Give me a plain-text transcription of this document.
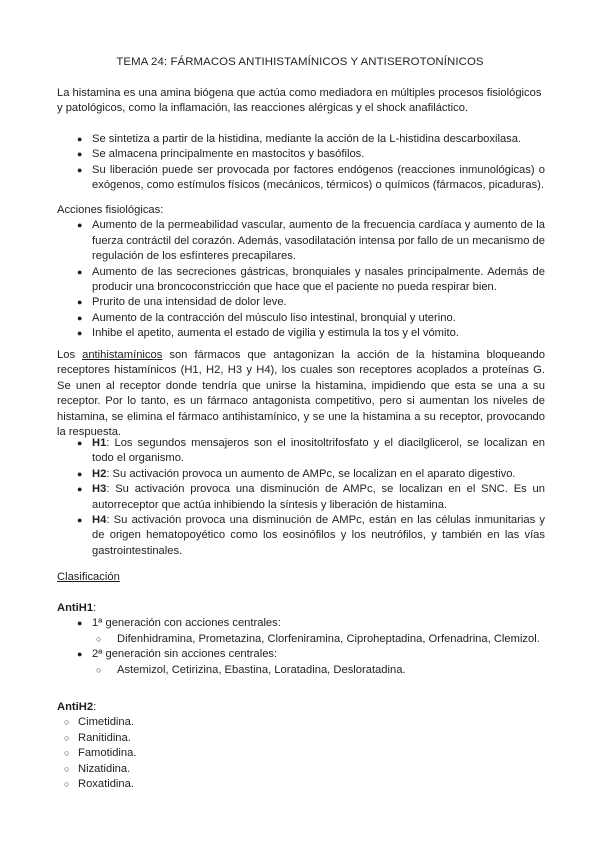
TEMA 24: FÁRMACOS ANTIHISTAMÍNICOS Y ANTISEROTONÍNICOS

La histamina es una amina biógena que actúa como mediadora en múltiples procesos fisiológicos y patológicos, como la inflamación, las reacciones alérgicas y el shock anafiláctico.

● Se sintetiza a partir de la histidina, mediante la acción de la L-histidina descarboxilasa.
● Se almacena principalmente en mastocitos y basófilos.
● Su liberación puede ser provocada por factores endógenos (reacciones inmunológicas) o exógenos, como estímulos físicos (mecánicos, térmicos) o químicos (fármacos, picaduras).

Acciones fisiológicas:

● Aumento de la permeabilidad vascular, aumento de la frecuencia cardíaca y aumento de la fuerza contráctil del corazón. Además, vasodilatación intensa por fallo de un mecanismo de regulación de los esfínteres precapilares.
● Aumento de las secreciones gástricas, bronquiales y nasales principalmente. Además de producir una broncoconstricción que hace que el paciente no pueda respirar bien.
● Prurito de una intensidad de dolor leve.
● Aumento de la contracción del músculo liso intestinal, bronquial y uterino.
● Inhibe el apetito, aumenta el estado de vigilia y estimula la tos y el vómito.

Los antihistamínicos son fármacos que antagonizan la acción de la histamina bloqueando receptores histamínicos (H1, H2, H3 y H4), los cuales son receptores acoplados a proteínas G. Se unen al receptor donde tendría que unirse la histamina, impidiendo que esta se una a su receptor. Por lo tanto, es un fármaco antagonista competitivo, pero si aumentan los niveles de histamina, se elimina el fármaco antihistamínico, y se une la histamina a su receptor, provocando la respuesta.

● H1: Los segundos mensajeros son el inositoltrifosfato y el diacilglicerol, se localizan en todo el organismo.
● H2: Su activación provoca un aumento de AMPc, se localizan en el aparato digestivo.
● H3: Su activación provoca una disminución de AMPc, se localizan en el SNC. Es un autorreceptor que actúa inhibiendo la síntesis y liberación de histamina.
● H4: Su activación provoca una disminución de AMPc, están en las células inmunitarias y de origen hematopoyético como los eosinófilos y los neutrófilos, y también en las vías gastrointestinales.

Clasificación

AntiH1:

● 1ª generación con acciones centrales:
○ Difenhidramina, Prometazina, Clorfeniramina, Ciproheptadina, Orfenadrina, Clemizol.
● 2ª generación sin acciones centrales:
○ Astemizol, Cetirizina, Ebastina, Loratadina, Desloratadina.

AntiH2:

○ Cimetidina.
○ Ranitidina.
○ Famotidina.
○ Nizatidina.
○ Roxatidina.
